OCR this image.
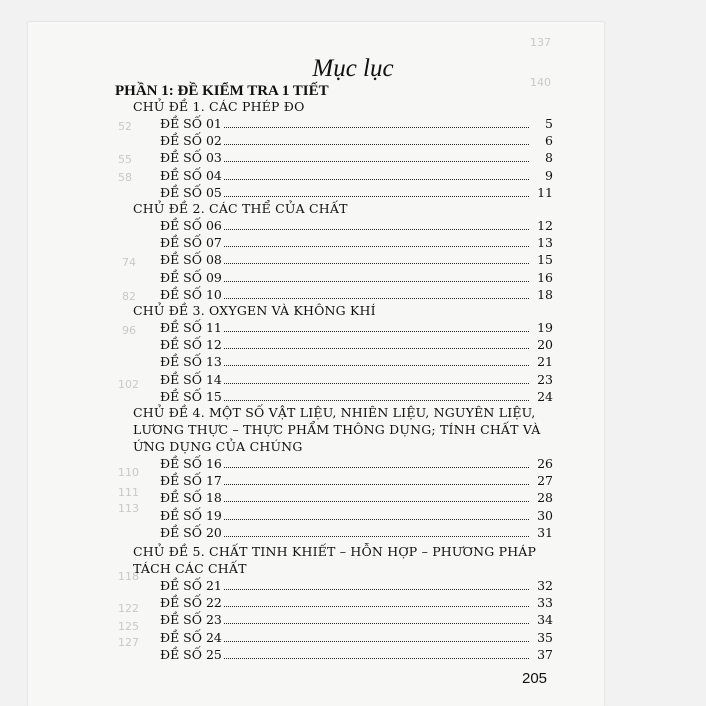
137
140
52
55
58
74
82
96
102
110
111
113
118
122
125
127
Mục lục
PHẦN 1: ĐỀ KIỂM TRA 1 TIẾT
CHỦ ĐỀ 1. CÁC PHÉP ĐO
ĐỀ SỐ 01	5
ĐỀ SỐ 02	6
ĐỀ SỐ 03	8
ĐỀ SỐ 04	9
ĐỀ SỐ 05	11
CHỦ ĐỀ 2. CÁC THỂ CỦA CHẤT
ĐỀ SỐ 06	12
ĐỀ SỐ 07	13
ĐỀ SỐ 08	15
ĐỀ SỐ 09	16
ĐỀ SỐ 10	18
CHỦ ĐỀ 3. OXYGEN VÀ KHÔNG KHÍ
ĐỀ SỐ 11	19
ĐỀ SỐ 12	20
ĐỀ SỐ 13	21
ĐỀ SỐ 14	23
ĐỀ SỐ 15	24
CHỦ ĐỀ 4. MỘT SỐ VẬT LIỆU, NHIÊN LIỆU, NGUYÊN LIỆU, LƯƠNG THỰC – THỰC PHẨM THÔNG DỤNG; TÍNH CHẤT VÀ ỨNG DỤNG CỦA CHÚNG
ĐỀ SỐ 16	26
ĐỀ SỐ 17	27
ĐỀ SỐ 18	28
ĐỀ SỐ 19	30
ĐỀ SỐ 20	31
CHỦ ĐỀ 5. CHẤT TINH KHIẾT – HỖN HỢP – PHƯƠNG PHÁP TÁCH CÁC CHẤT
ĐỀ SỐ 21	32
ĐỀ SỐ 22	33
ĐỀ SỐ 23	34
ĐỀ SỐ 24	35
ĐỀ SỐ 25	37
205
